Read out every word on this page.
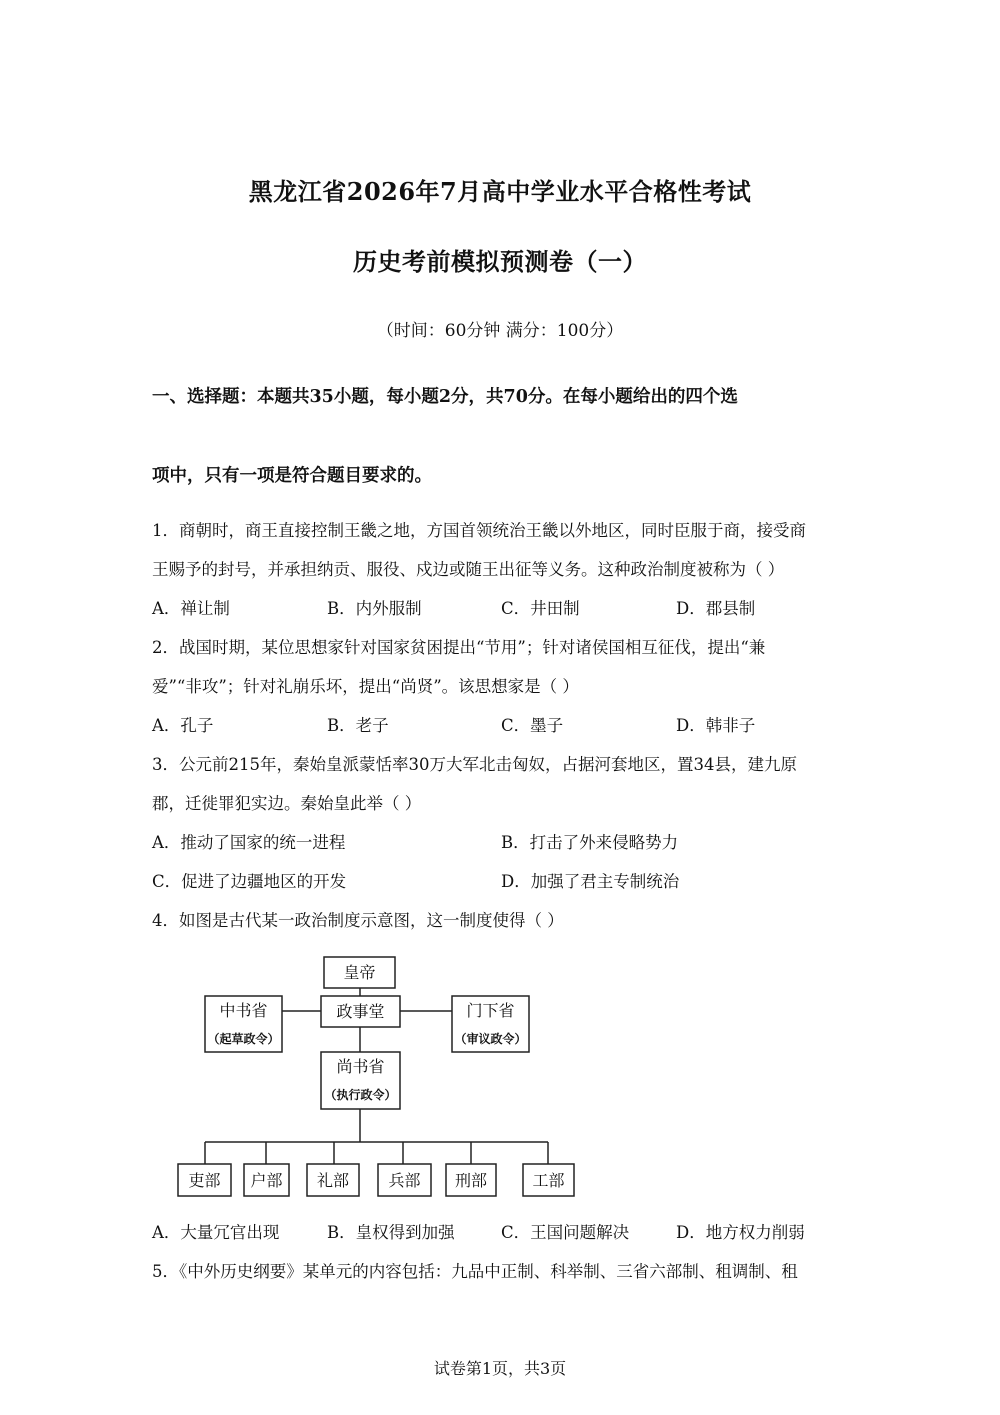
黑龙江省2026年7月高中学业水平合格性考试
历史考前模拟预测卷（一）
（时间：60分钟 满分：100分）
一、选择题：本题共35小题，每小题2分，共70分。在每小题给出的四个选
项中，只有一项是符合题目要求的。
1．商朝时，商王直接控制王畿之地，方国首领统治王畿以外地区，同时臣服于商，接受商
王赐予的封号，并承担纳贡、服役、戍边或随王出征等义务。这种政治制度被称为（ ）
A．禅让制	B．内外服制	C．井田制	D．郡县制
2．战国时期，某位思想家针对国家贫困提出“节用”；针对诸侯国相互征伐，提出“兼
爱”“非攻”；针对礼崩乐坏，提出“尚贤”。该思想家是（ ）
A．孔子	B．老子	C．墨子	D．韩非子
3．公元前215年，秦始皇派蒙恬率30万大军北击匈奴，占据河套地区，置34县，建九原
郡，迁徙罪犯实边。秦始皇此举（ ）
A．推动了国家的统一进程	B．打击了外来侵略势力
C．促进了边疆地区的开发	D．加强了君主专制统治
4．如图是古代某一政治制度示意图，这一制度使得（ ）
皇帝
政事堂
中书省
（起草政令）
门下省
（审议政令）
尚书省
（执行政令）
吏部 户部 礼部 兵部 刑部	工部
A．大量冗官出现	B．皇权得到加强	C．王国问题解决	D．地方权力削弱
5．《中外历史纲要》某单元的内容包括：九品中正制、科举制、三省六部制、租调制、租
试卷第1页，共3页
